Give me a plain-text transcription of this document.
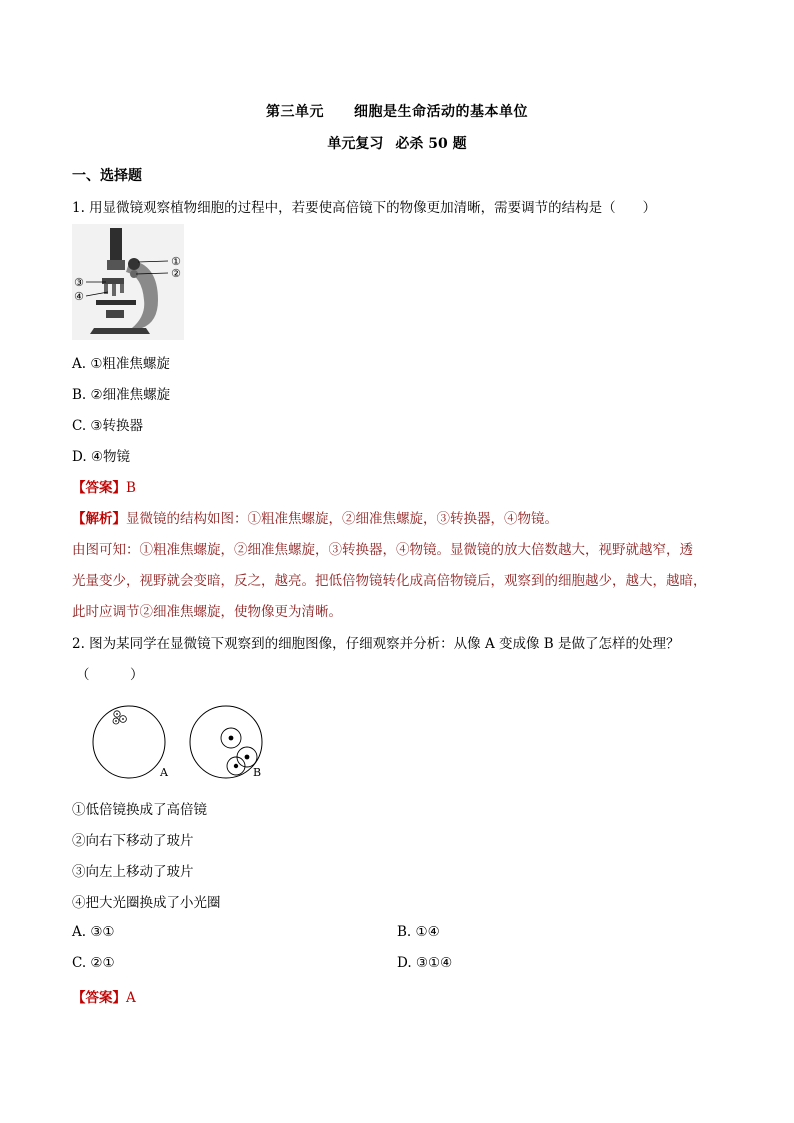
第三单元 细胞是生命活动的基本单位
单元复习 必杀 50 题
一、选择题
1. 用显微镜观察植物细胞的过程中，若要使高倍镜下的物像更加清晰，需要调节的结构是（　　）
①
②
③
④
A. ①粗准焦螺旋
B. ②细准焦螺旋
C. ③转换器
D. ④物镜
【答案】B
【解析】显微镜的结构如图：①粗准焦螺旋，②细准焦螺旋，③转换器，④物镜。
由图可知：①粗准焦螺旋，②细准焦螺旋，③转换器，④物镜。显微镜的放大倍数越大，视野就越窄，透
光量变少，视野就会变暗，反之，越亮。把低倍物镜转化成高倍物镜后，观察到的细胞越少，越大，越暗，
此时应调节②细准焦螺旋，使物像更为清晰。
2. 图为某同学在显微镜下观察到的细胞图像，仔细观察并分析：从像 A 变成像 B 是做了怎样的处理？
（　　　）
A	B
①低倍镜换成了高倍镜
②向右下移动了玻片
③向左上移动了玻片
④把大光圈换成了小光圈
A. ③①	B. ①④
C. ②①	D. ③①④
【答案】A
